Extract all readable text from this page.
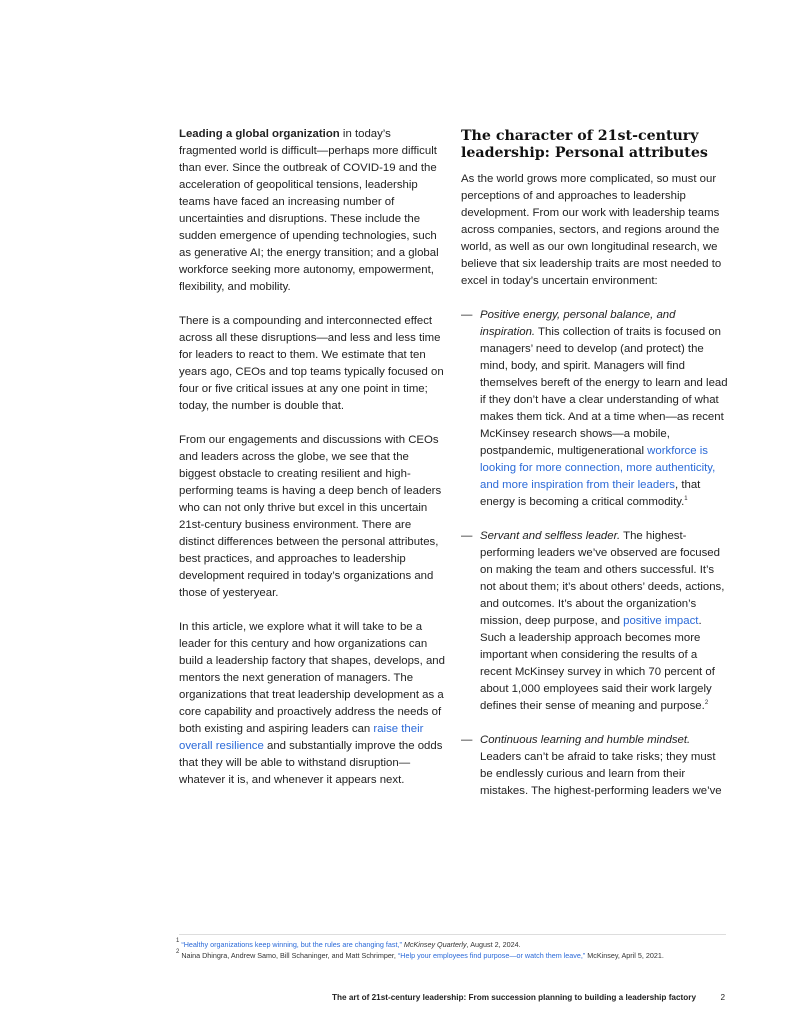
Leading a global organization in today’s fragmented world is difficult—perhaps more difficult than ever. Since the outbreak of COVID-19 and the acceleration of geopolitical tensions, leadership teams have faced an increasing number of uncertainties and disruptions. These include the sudden emergence of upending technologies, such as generative AI; the energy transition; and a global workforce seeking more autonomy, empowerment, flexibility, and mobility.

There is a compounding and interconnected effect across all these disruptions—and less and less time for leaders to react to them. We estimate that ten years ago, CEOs and top teams typically focused on four or five critical issues at any one point in time; today, the number is double that.

From our engagements and discussions with CEOs and leaders across the globe, we see that the biggest obstacle to creating resilient and high-performing teams is having a deep bench of leaders who can not only thrive but excel in this uncertain 21st-century business environment. There are distinct differences between the personal attributes, best practices, and approaches to leadership development required in today’s organizations and those of yesteryear.

In this article, we explore what it will take to be a leader for this century and how organizations can build a leadership factory that shapes, develops, and mentors the next generation of managers. The organizations that treat leadership development as a core capability and proactively address the needs of both existing and aspiring leaders can raise their overall resilience and substantially improve the odds that they will be able to withstand disruption—whatever it is, and whenever it appears next.

The character of 21st-century leadership: Personal attributes

As the world grows more complicated, so must our perceptions of and approaches to leadership development. From our work with leadership teams across companies, sectors, and regions around the world, as well as our own longitudinal research, we believe that six leadership traits are most needed to excel in today’s uncertain environment:

— Positive energy, personal balance, and inspiration. This collection of traits is focused on managers’ need to develop (and protect) the mind, body, and spirit. Managers will find themselves bereft of the energy to learn and lead if they don’t have a clear understanding of what makes them tick. And at a time when—as recent McKinsey research shows—a mobile, postpandemic, multigenerational workforce is looking for more connection, more authenticity, and more inspiration from their leaders, that energy is becoming a critical commodity.$^1$
— Servant and selfless leader. The highest-performing leaders we’ve observed are focused on making the team and others successful. It’s not about them; it’s about others’ deeds, actions, and outcomes. It’s about the organization’s mission, deep purpose, and positive impact. Such a leadership approach becomes more important when considering the results of a recent McKinsey survey in which 70 percent of about 1,000 employees said their work largely defines their sense of meaning and purpose.$^2$
— Continuous learning and humble mindset. Leaders can’t be afraid to take risks; they must be endlessly curious and learn from their mistakes. The highest-performing leaders we’ve
$^1$ “Healthy organizations keep winning, but the rules are changing fast,” McKinsey Quarterly, August 2, 2024.
$^2$ Naina Dhingra, Andrew Samo, Bill Schaninger, and Matt Schrimper, “Help your employees find purpose—or watch them leave,” McKinsey, April 5, 2021.
The art of 21st-century leadership: From succession planning to building a leadership factory	2
